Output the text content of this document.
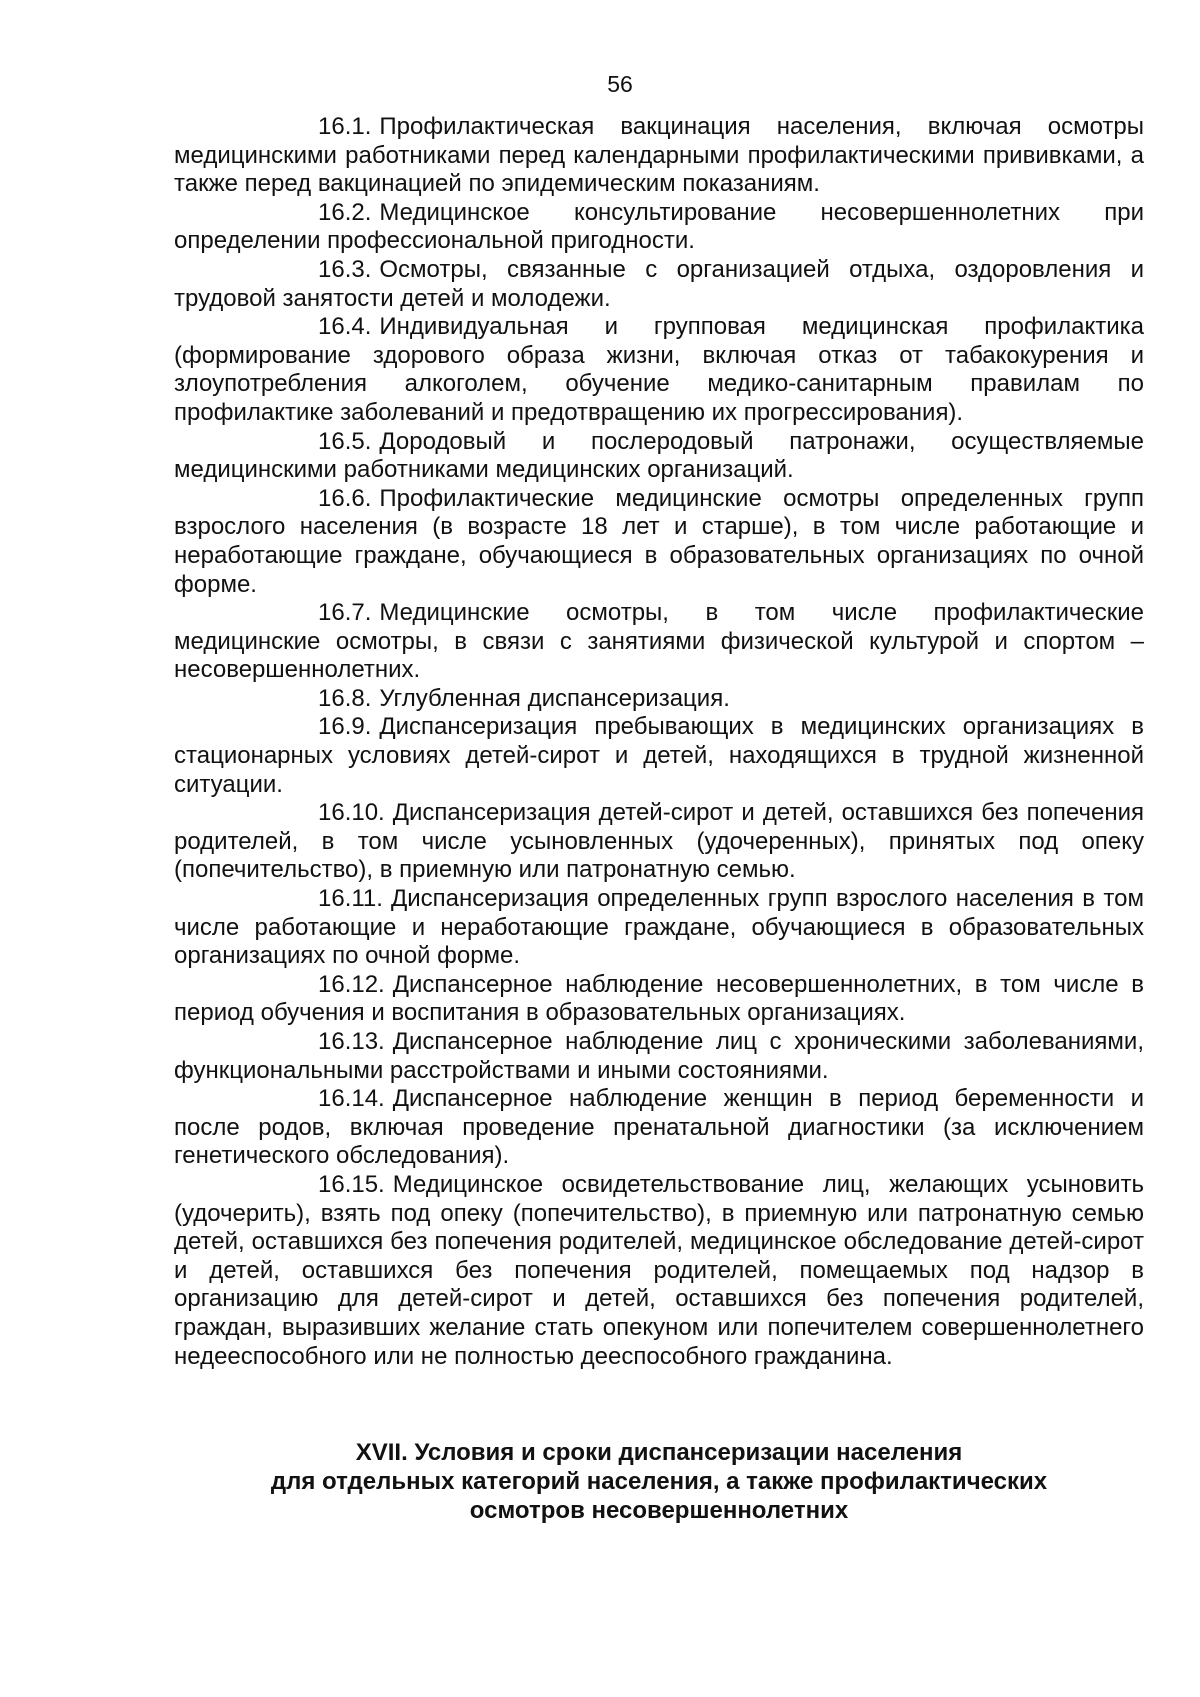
56

16.1. Профилактическая вакцинация населения, включая осмотры медицинскими работниками перед календарными профилактическими прививками, а также перед вакцинацией по эпидемическим показаниям.

16.2. Медицинское консультирование несовершеннолетних при определении профессиональной пригодности.

16.3. Осмотры, связанные с организацией отдыха, оздоровления и трудовой занятости детей и молодежи.

16.4. Индивидуальная и групповая медицинская профилактика (формирование здорового образа жизни, включая отказ от табакокурения и злоупотребления алкоголем, обучение медико-санитарным правилам по профилактике заболеваний и предотвращению их прогрессирования).

16.5. Дородовый и послеродовый патронажи, осуществляемые медицинскими работниками медицинских организаций.

16.6. Профилактические медицинские осмотры определенных групп взрослого населения (в возрасте 18 лет и старше), в том числе работающие и неработающие граждане, обучающиеся в образовательных организациях по очной форме.

16.7. Медицинские осмотры, в том числе профилактические медицинские осмотры, в связи с занятиями физической культурой и спортом – несовершеннолетних.

16.8. Углубленная диспансеризация.

16.9. Диспансеризация пребывающих в медицинских организациях в стационарных условиях детей-сирот и детей, находящихся в трудной жизненной ситуации.

16.10. Диспансеризация детей-сирот и детей, оставшихся без попечения родителей, в том числе усыновленных (удочеренных), принятых под опеку (попечительство), в приемную или патронатную семью.

16.11. Диспансеризация определенных групп взрослого населения в том числе работающие и неработающие граждане, обучающиеся в образовательных организациях по очной форме.

16.12. Диспансерное наблюдение несовершеннолетних, в том числе в период обучения и воспитания в образовательных организациях.

16.13. Диспансерное наблюдение лиц с хроническими заболеваниями, функциональными расстройствами и иными состояниями.

16.14. Диспансерное наблюдение женщин в период беременности и после родов, включая проведение пренатальной диагностики (за исключением генетического обследования).

16.15. Медицинское освидетельствование лиц, желающих усыновить (удочерить), взять под опеку (попечительство), в приемную или патронатную семью детей, оставшихся без попечения родителей, медицинское обследование детей-сирот и детей, оставшихся без попечения родителей, помещаемых под надзор в организацию для детей-сирот и детей, оставшихся без попечения родителей, граждан, выразивших желание стать опекуном или попечителем совершеннолетнего недееспособного или не полностью дееспособного гражданина.

XVII. Условия и сроки диспансеризации населения
для отдельных категорий населения, а также профилактических
осмотров несовершеннолетних
